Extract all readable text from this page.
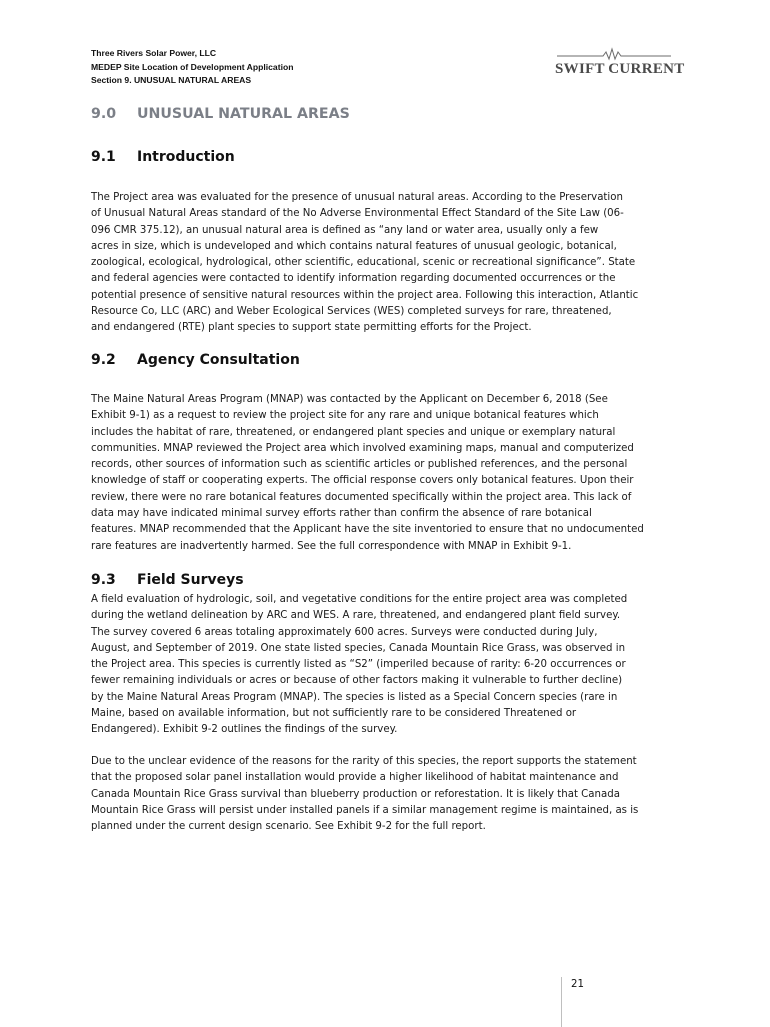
Three Rivers Solar Power, LLC
MEDEP Site Location of Development Application
Section 9. UNUSUAL NATURAL AREAS
SWIFT CURRENT
9.0 UNUSUAL NATURAL AREAS
9.1 Introduction
The Project area was evaluated for the presence of unusual natural areas. According to the Preservation
of Unusual Natural Areas standard of the No Adverse Environmental Effect Standard of the Site Law (06-
096 CMR 375.12), an unusual natural area is defined as “any land or water area, usually only a few
acres in size, which is undeveloped and which contains natural features of unusual geologic, botanical,
zoological, ecological, hydrological, other scientific, educational, scenic or recreational significance”. State
and federal agencies were contacted to identify information regarding documented occurrences or the
potential presence of sensitive natural resources within the project area. Following this interaction, Atlantic
Resource Co, LLC (ARC) and Weber Ecological Services (WES) completed surveys for rare, threatened,
and endangered (RTE) plant species to support state permitting efforts for the Project.
9.2 Agency Consultation
The Maine Natural Areas Program (MNAP) was contacted by the Applicant on December 6, 2018 (See
Exhibit 9-1) as a request to review the project site for any rare and unique botanical features which
includes the habitat of rare, threatened, or endangered plant species and unique or exemplary natural
communities. MNAP reviewed the Project area which involved examining maps, manual and computerized
records, other sources of information such as scientific articles or published references, and the personal
knowledge of staff or cooperating experts. The official response covers only botanical features. Upon their
review, there were no rare botanical features documented specifically within the project area. This lack of
data may have indicated minimal survey efforts rather than confirm the absence of rare botanical
features. MNAP recommended that the Applicant have the site inventoried to ensure that no undocumented
rare features are inadvertently harmed. See the full correspondence with MNAP in Exhibit 9-1.
9.3 Field Surveys
A field evaluation of hydrologic, soil, and vegetative conditions for the entire project area was completed
during the wetland delineation by ARC and WES. A rare, threatened, and endangered plant field survey.
The survey covered 6 areas totaling approximately 600 acres. Surveys were conducted during July,
August, and September of 2019. One state listed species, Canada Mountain Rice Grass, was observed in
the Project area. This species is currently listed as “S2” (imperiled because of rarity: 6-20 occurrences or
fewer remaining individuals or acres or because of other factors making it vulnerable to further decline)
by the Maine Natural Areas Program (MNAP). The species is listed as a Special Concern species (rare in
Maine, based on available information, but not sufficiently rare to be considered Threatened or
Endangered). Exhibit 9-2 outlines the findings of the survey.
Due to the unclear evidence of the reasons for the rarity of this species, the report supports the statement
that the proposed solar panel installation would provide a higher likelihood of habitat maintenance and
Canada Mountain Rice Grass survival than blueberry production or reforestation. It is likely that Canada
Mountain Rice Grass will persist under installed panels if a similar management regime is maintained, as is
planned under the current design scenario. See Exhibit 9-2 for the full report.
21
